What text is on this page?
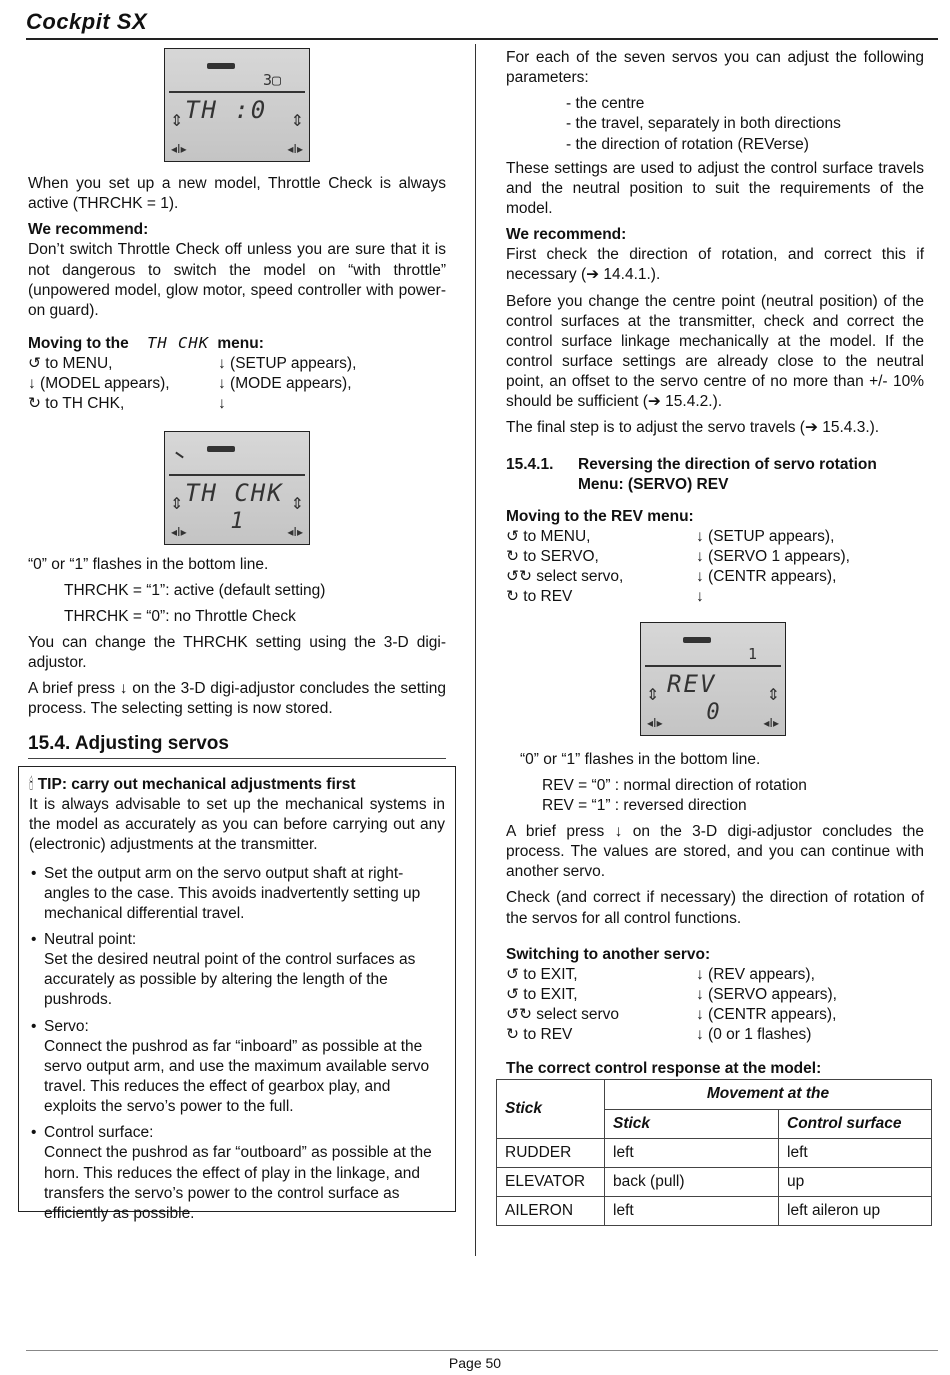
Cockpit SX
3▢
TH :0
⇕	⇕
◂I▸	◂I▸

When you set up a new model, Throttle Check is always active (THRCHK = 1).

We recommend:

Don’t switch Throttle Check off unless you are sure that it is not dangerous to switch the model on “with throttle” (unpowered model, glow motor, speed controller with power-on guard).

Moving to the TH CHK menu:
↺ to MENU,	↓ (SETUP appears),
↓ (MODEL appears),	↓ (MODE appears),
↻ to TH CHK,	↓
TH CHK
1
⇕	⇕
◂I▸	◂I▸

“0” or “1” flashes in the bottom line.

THRCHK = “1”: active (default setting)

THRCHK = “0”: no Throttle Check

You can change the THRCHK setting using the 3-D digi-adjustor.

A brief press ↓ on the 3-D digi-adjustor concludes the setting process. The selecting setting is now stored.

15.4. Adjusting servos
🕯 TIP: carry out mechanical adjustments first

It is always advisable to set up the mechanical systems in the model as accurately as you can before carrying out any (electronic) adjustments at the transmitter.

• Set the output arm on the servo output shaft at right-angles to the case. This avoids inadvertently setting up mechanical differential travel.
• Neutral point:
Set the desired neutral point of the control surfaces as accurately as possible by altering the length of the pushrods.
• Servo:
Connect the pushrod as far “inboard” as possible at the servo output arm, and use the maximum available servo travel. This reduces the effect of gearbox play, and exploits the servo’s power to the full.
• Control surface:
Connect the pushrod as far “outboard” as possible at the horn. This reduces the effect of play in the linkage, and transfers the servo’s power to the control surface as efficiently as possible.

For each of the seven servos you can adjust the following parameters:

- the centre
- the travel, separately in both directions
- the direction of rotation (REVerse)

These settings are used to adjust the control surface travels and the neutral position to suit the requirements of the model.

We recommend:

First check the direction of rotation, and correct this if necessary (➔ 14.4.1.).

Before you change the centre point (neutral position) of the control surfaces at the transmitter, check and correct the control surface linkage mechanically at the model. If the control surface settings are already close to the neutral point, an offset to the servo centre of no more than +/- 10% should be sufficient (➔ 15.4.2.).

The final step is to adjust the servo travels (➔ 15.4.3.).

15.4.1.	Reversing the direction of servo rotation
Menu: (SERVO) REV
Moving to the REV menu:
↺ to MENU,	↓ (SETUP appears),
↻ to SERVO,	↓ (SERVO 1 appears),
↺↻ select servo,	↓ (CENTR appears),
↻ to REV	↓
1
REV
0
⇕	⇕
◂I▸	◂I▸

“0” or “1” flashes in the bottom line.

REV = “0” : normal direction of rotation
REV = “1” : reversed direction

A brief press ↓ on the 3-D digi-adjustor concludes the process. The values are stored, and you can continue with another servo.

Check (and correct if necessary) the direction of rotation of the servos for all control functions.

Switching to another servo:
↺ to EXIT,	↓ (REV appears),
↺ to EXIT,	↓ (SERVO appears),
↺↻ select servo	↓ (CENTR appears),
↻ to REV	↓ (0 or 1 flashes)
The correct control response at the model:
Stick	Movement at the	
	Stick	Control surface
RUDDER	left	left
ELEVATOR	back (pull)	up
AILERON	left	left aileron up
Page 50
